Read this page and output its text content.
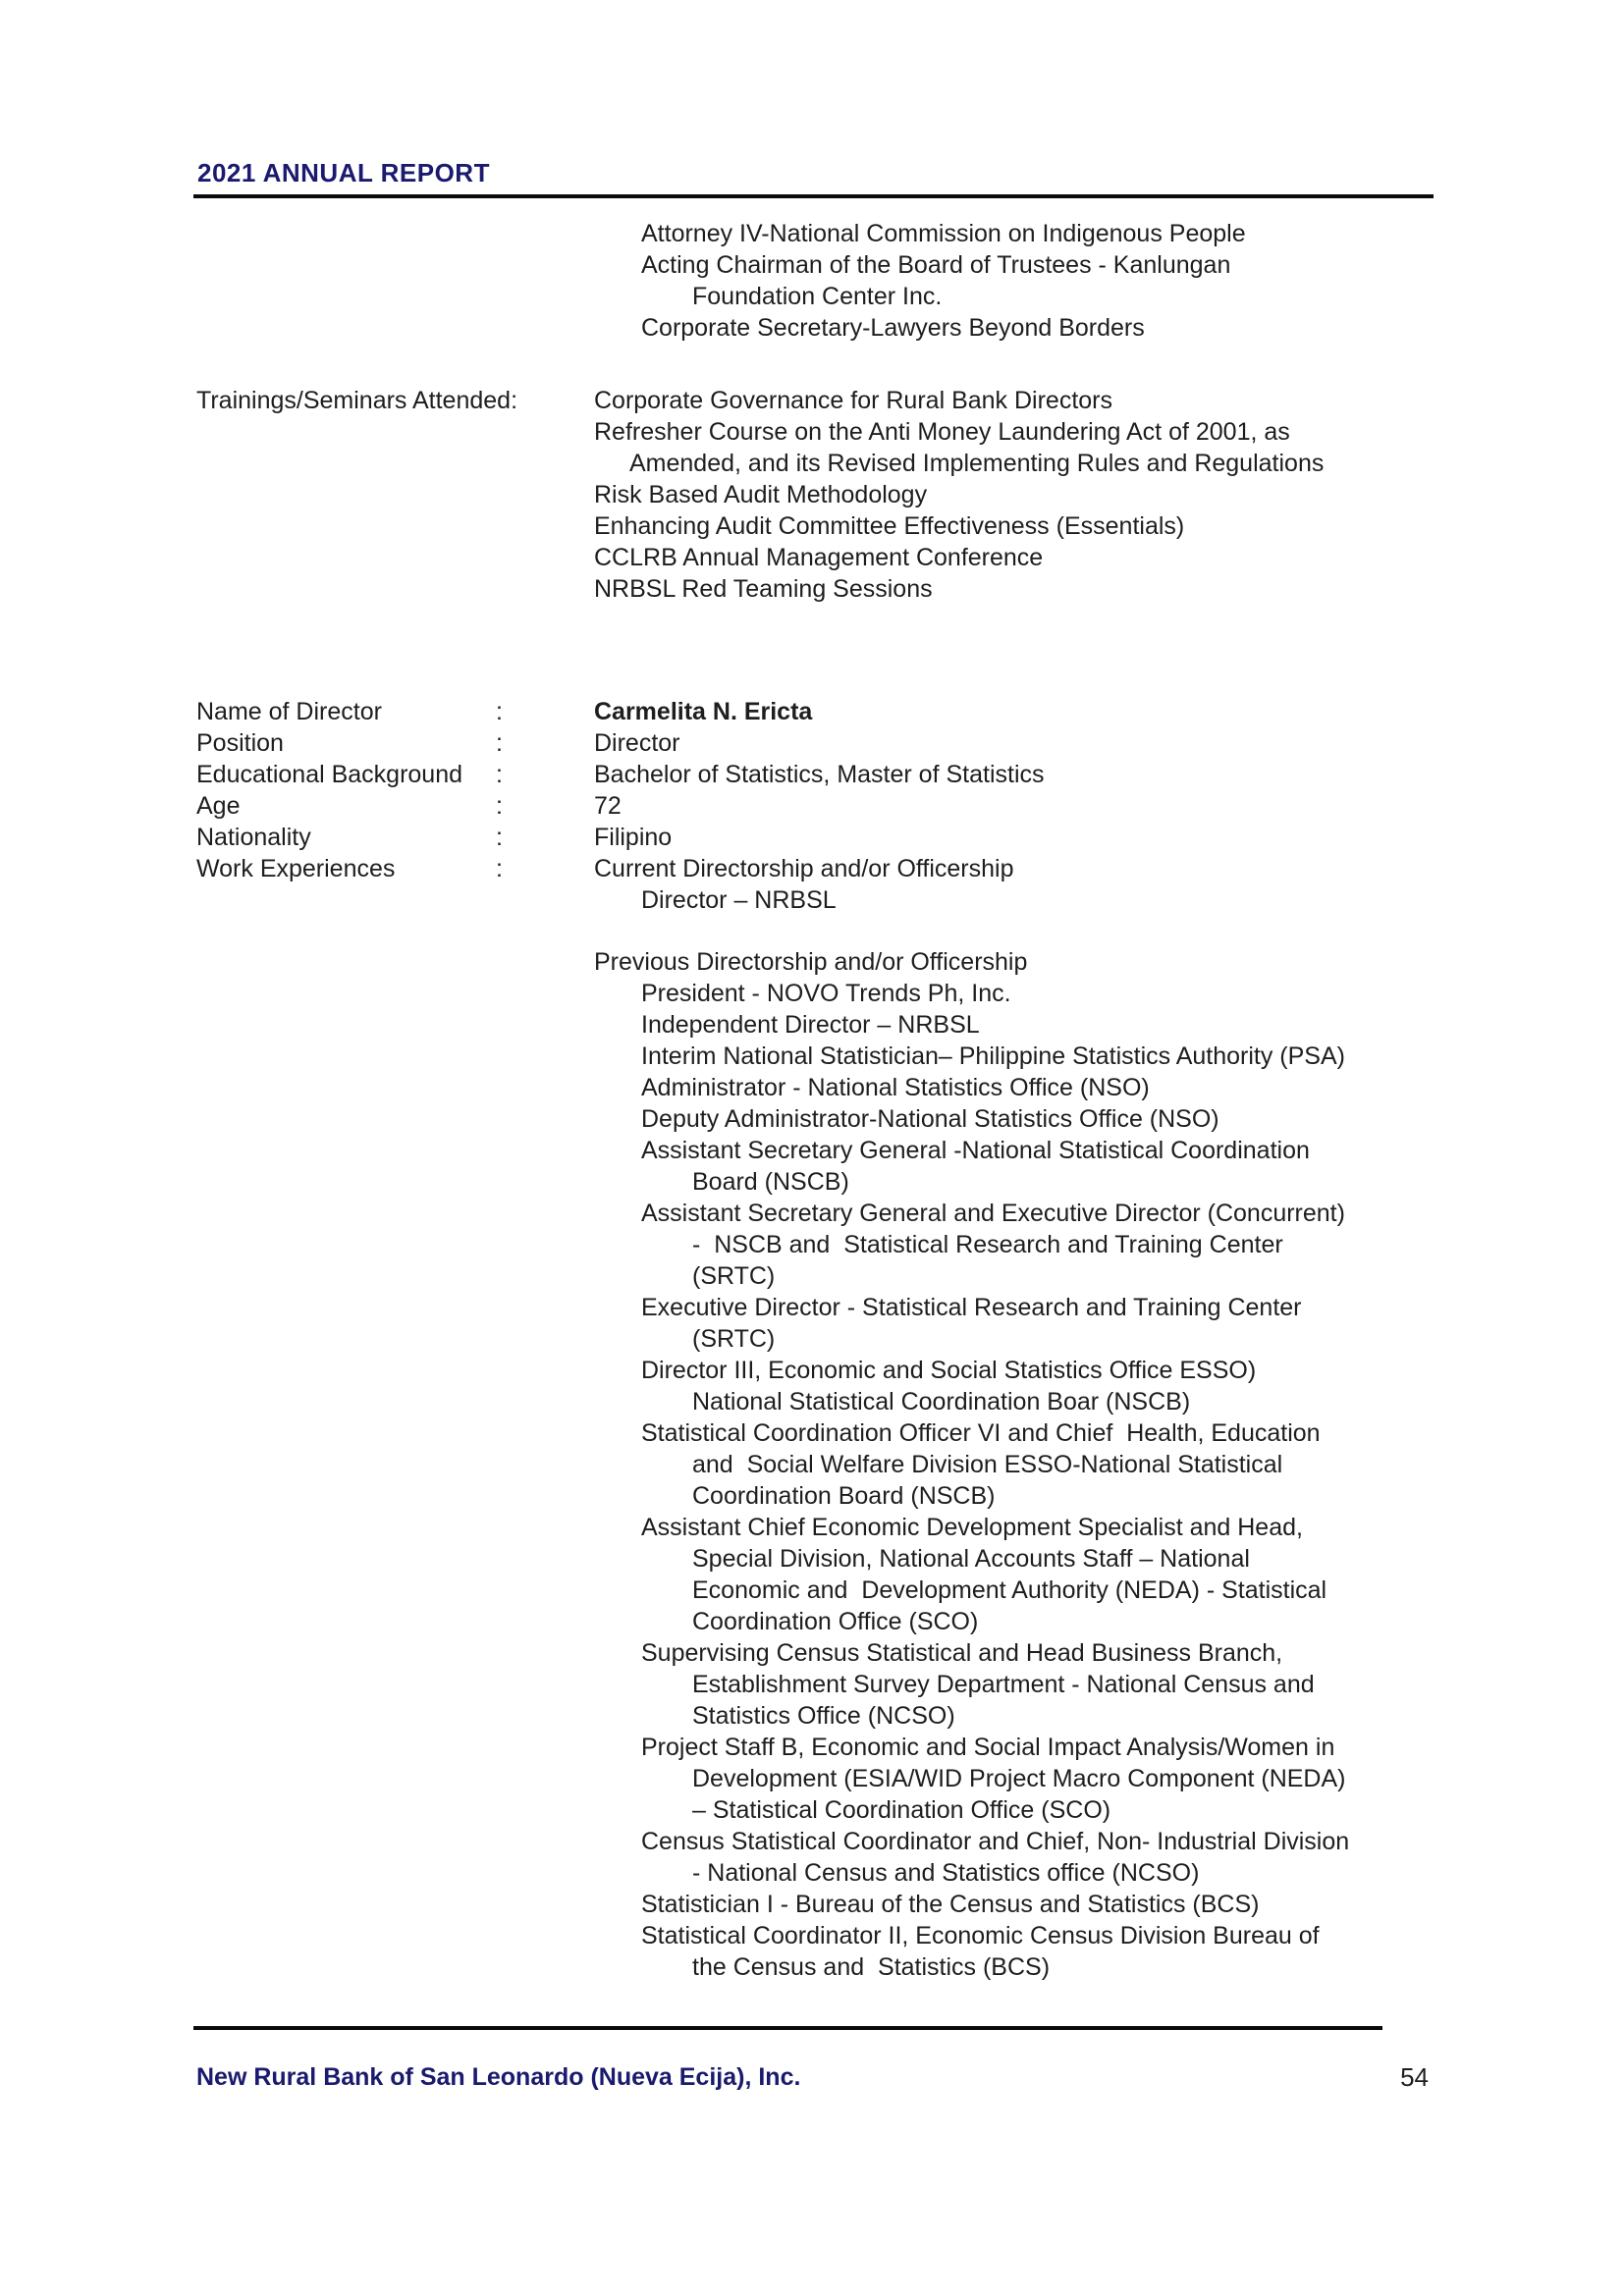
2021 ANNUAL REPORT
Attorney IV-National Commission on Indigenous People
Acting Chairman of the Board of Trustees - Kanlungan
Foundation Center Inc.
Corporate Secretary-Lawyers Beyond Borders
Trainings/Seminars Attended:	Corporate Governance for Rural Bank Directors
Refresher Course on the Anti Money Laundering Act of 2001, as
Amended, and its Revised Implementing Rules and Regulations
Risk Based Audit Methodology
Enhancing Audit Committee Effectiveness (Essentials)
CCLRB Annual Management Conference
NRBSL Red Teaming Sessions
Name of Director	:	Carmelita N. Ericta
Position	:	Director
Educational Background	:	Bachelor of Statistics, Master of Statistics
Age	:	72
Nationality	:	Filipino
Work Experiences	:	Current Directorship and/or Officership
Director – NRBSL
Previous Directorship and/or Officership
President - NOVO Trends Ph, Inc.
Independent Director – NRBSL
Interim National Statistician– Philippine Statistics Authority (PSA)
Administrator - National Statistics Office (NSO)
Deputy Administrator-National Statistics Office (NSO)
Assistant Secretary General -National Statistical Coordination
Board (NSCB)
Assistant Secretary General and Executive Director (Concurrent)
-  NSCB and  Statistical Research and Training Center
(SRTC)
Executive Director - Statistical Research and Training Center
(SRTC)
Director III, Economic and Social Statistics Office ESSO)
National Statistical Coordination Boar (NSCB)
Statistical Coordination Officer VI and Chief  Health, Education
and  Social Welfare Division ESSO-National Statistical
Coordination Board (NSCB)
Assistant Chief Economic Development Specialist and Head,
Special Division, National Accounts Staff – National
Economic and  Development Authority (NEDA) - Statistical
Coordination Office (SCO)
Supervising Census Statistical and Head Business Branch,
Establishment Survey Department - National Census and
Statistics Office (NCSO)
Project Staff B, Economic and Social Impact Analysis/Women in
Development (ESIA/WID Project Macro Component (NEDA)
– Statistical Coordination Office (SCO)
Census Statistical Coordinator and Chief, Non- Industrial Division
- National Census and Statistics office (NCSO)
Statistician I - Bureau of the Census and Statistics (BCS)
Statistical Coordinator II, Economic Census Division Bureau of
the Census and  Statistics (BCS)
New Rural Bank of San Leonardo (Nueva Ecija), Inc.	54
